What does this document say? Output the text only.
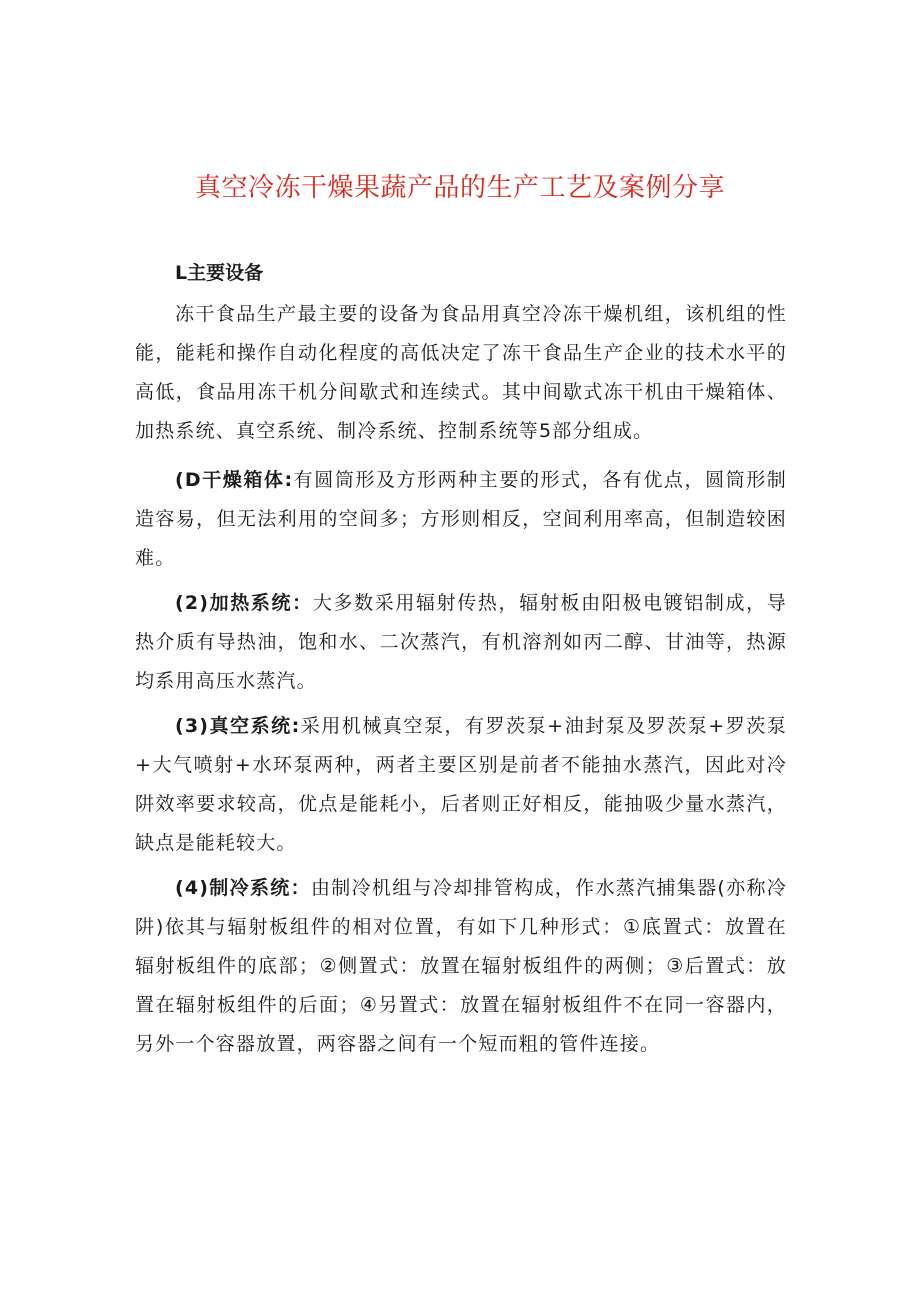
真空冷冻干燥果蔬产品的生产工艺及案例分享

L主要设备

冻干食品生产最主要的设备为食品用真空冷冻干燥机组，该机组的性能，能耗和操作自动化程度的高低决定了冻干食品生产企业的技术水平的高低，食品用冻干机分间歇式和连续式。其中间歇式冻干机由干燥箱体、加热系统、真空系统、制冷系统、控制系统等5部分组成。

(D干燥箱体:有圆筒形及方形两种主要的形式，各有优点，圆筒形制造容易，但无法利用的空间多；方形则相反，空间利用率高，但制造较困难。

(2)加热系统：大多数采用辐射传热，辐射板由阳极电镀铝制成，导热介质有导热油，饱和水、二次蒸汽，有机溶剂如丙二醇、甘油等，热源均系用高压水蒸汽。

(3)真空系统:采用机械真空泵，有罗茨泵+油封泵及罗茨泵+罗茨泵+大气喷射+水环泵两种，两者主要区别是前者不能抽水蒸汽，因此对冷阱效率要求较高，优点是能耗小，后者则正好相反，能抽吸少量水蒸汽，缺点是能耗较大。

(4)制冷系统：由制冷机组与冷却排管构成，作水蒸汽捕集器(亦称冷阱)依其与辐射板组件的相对位置，有如下几种形式：①底置式：放置在辐射板组件的底部；②侧置式：放置在辐射板组件的两侧；③后置式：放置在辐射板组件的后面；④另置式：放置在辐射板组件不在同一容器内，另外一个容器放置，两容器之间有一个短而粗的管件连接。
